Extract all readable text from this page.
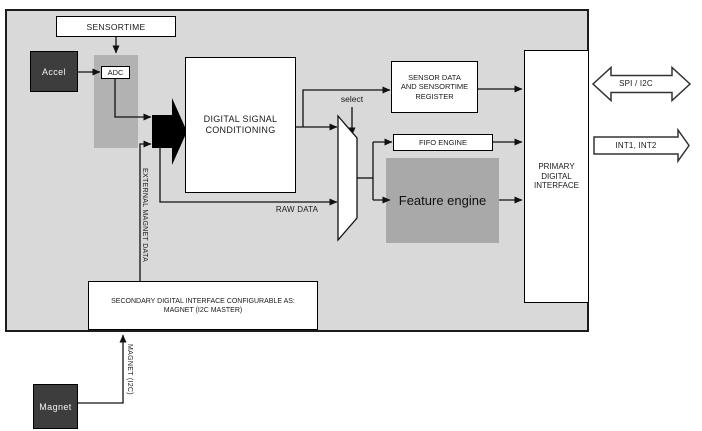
Feature engine
SENSORTIME
Accel	ADC
DIGITAL SIGNAL
CONDITIONING
SENSOR DATA
AND SENSORTIME
REGISTER
FIFO ENGINE
PRIMARY
DIGITAL
INTERFACE
SECONDARY DIGITAL INTERFACE CONFIGURABLE AS:
MAGNET (I2C MASTER)
Magnet
select
RAW DATA
EXTERNAL MAGNET DATA
MAGNET (I2C)
SPI / I2C
INT1, INT2
